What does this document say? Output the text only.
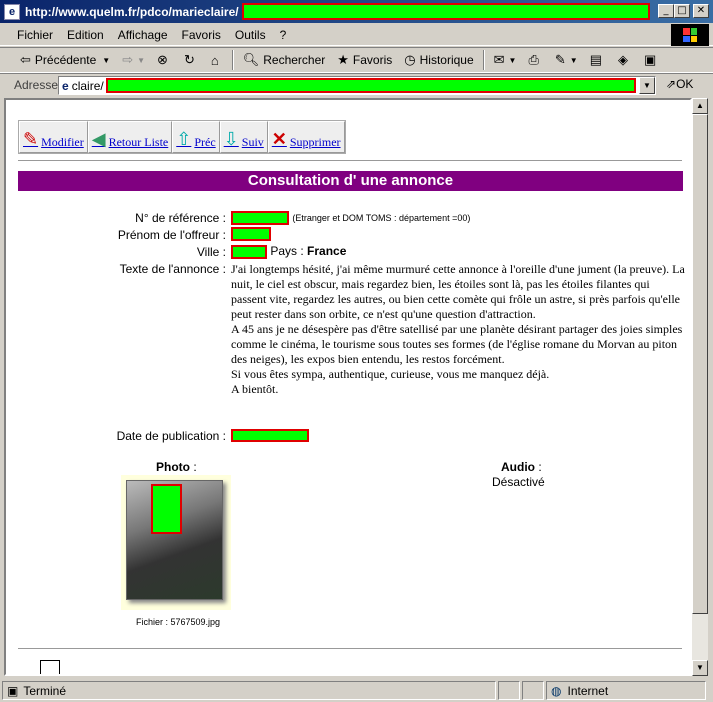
e http://www.quelm.fr/pdco/marieclaire/	_ □	✕
Fichier	Edition	Affichage	Favoris	Outils	?
⇦ Précédente ▼ ⇨ ▼ ⊗ ↻ ⌂ 🔍︎ Rechercher ★ Favoris ◷ Historique ✉ ▼ ⎙ ✎ ▼ ▤ ◈ ▣
Adresse e claire/	▼	⇗OK
✎ Modifier ◀ Retour Liste ⇧ Préc ⇩ Suiv ✕ Supprimer
Consultation d' une annonce
N° de référence :	(Etranger et DOM TOMS : département =00)
Prénom de l'offreur :
Ville :	Pays : France
Texte de l'annonce : J'ai longtemps hésité, j'ai même murmuré cette annonce à l'oreille d'une jument (la preuve). La nuit, le ciel est obscur, mais regardez bien, les étoiles sont là, pas les étoiles filantes qui passent vite, regardez les autres, ou bien cette comète qui frôle un astre, si près parfois qu'elle peut rester dans son orbite, ce n'est qu'une question d'attraction.
A 45 ans je ne désespère pas d'être satellisé par une planète désirant partager des joies simples comme le cinéma, le tourisme sous toutes ses formes (de l'église romane du Morvan au piton des neiges), les expos bien entendu, les restos forcément.
Si vous êtes sympa, authentique, curieuse, vous me manquez déjà.
A bientôt.
Date de publication :
Photo :
Fichier : 5767509.jpg
Audio :
Désactivé
▲
▼
▣ Terminé	◍ Internet
